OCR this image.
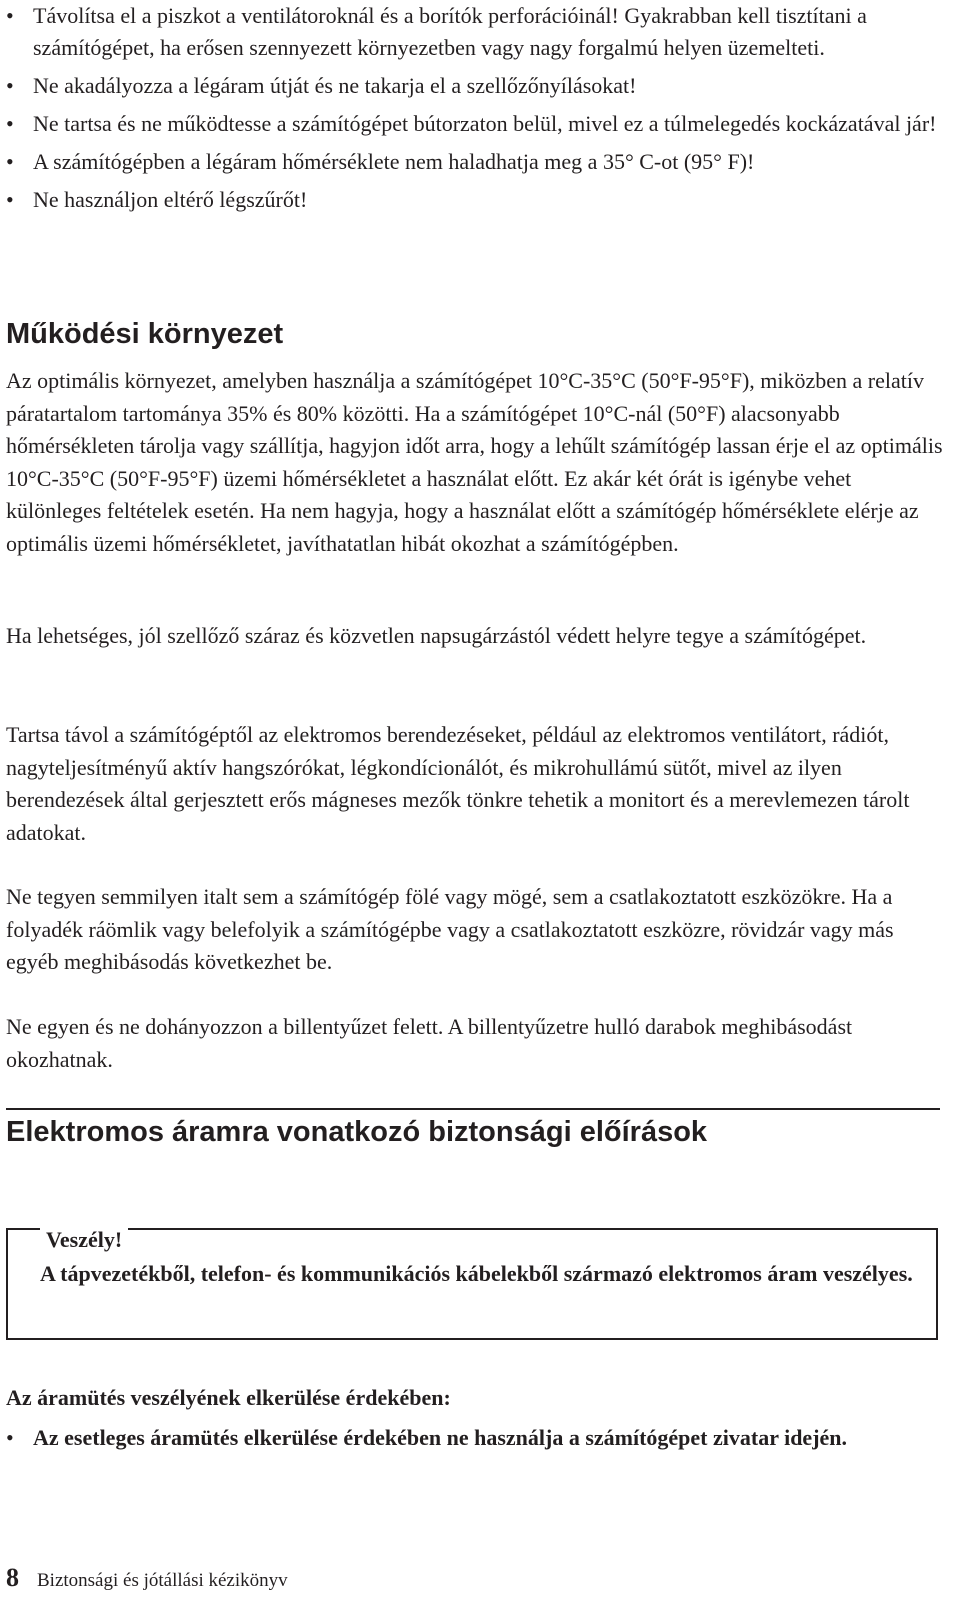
• Távolítsa el a piszkot a ventilátoroknál és a borítók perforációinál! Gyakrabban kell tisztítani a számítógépet, ha erősen szennyezett környezetben vagy nagy forgalmú helyen üzemelteti.
• Ne akadályozza a légáram útját és ne takarja el a szellőzőnyílásokat!
• Ne tartsa és ne működtesse a számítógépet bútorzaton belül, mivel ez a túlmelegedés kockázatával jár!
• A számítógépben a légáram hőmérséklete nem haladhatja meg a 35° C-ot (95° F)!
• Ne használjon eltérő légszűrőt!
Működési környezet

Az optimális környezet, amelyben használja a számítógépet 10°C-35°C (50°F-95°F), miközben a relatív páratartalom tartománya 35% és 80% közötti. Ha a számítógépet 10°C-nál (50°F) alacsonyabb hőmérsékleten tárolja vagy szállítja, hagyjon időt arra, hogy a lehűlt számítógép lassan érje el az optimális 10°C-35°C (50°F-95°F) üzemi hőmérsékletet a használat előtt. Ez akár két órát is igénybe vehet különleges feltételek esetén. Ha nem hagyja, hogy a használat előtt a számítógép hőmérséklete elérje az optimális üzemi hőmérsékletet, javíthatatlan hibát okozhat a számítógépben.

Ha lehetséges, jól szellőző száraz és közvetlen napsugárzástól védett helyre tegye a számítógépet.

Tartsa távol a számítógéptől az elektromos berendezéseket, például az elektromos ventilátort, rádiót, nagyteljesítményű aktív hangszórókat, légkondícionálót, és mikrohullámú sütőt, mivel az ilyen berendezések által gerjesztett erős mágneses mezők tönkre tehetik a monitort és a merevlemezen tárolt adatokat.

Ne tegyen semmilyen italt sem a számítógép fölé vagy mögé, sem a csatlakoztatott eszközökre. Ha a folyadék ráömlik vagy belefolyik a számítógépbe vagy a csatlakoztatott eszközre, rövidzár vagy más egyéb meghibásodás következhet be.

Ne egyen és ne dohányozzon a billentyűzet felett. A billentyűzetre hulló darabok meghibásodást okozhatnak.

Elektromos áramra vonatkozó biztonsági előírások
Veszély!

A tápvezetékből, telefon- és kommunikációs kábelekből származó elektromos áram veszélyes.

Az áramütés veszélyének elkerülése érdekében:

• Az esetleges áramütés elkerülése érdekében ne használja a számítógépet zivatar idején.
8 Biztonsági és jótállási kézikönyv
